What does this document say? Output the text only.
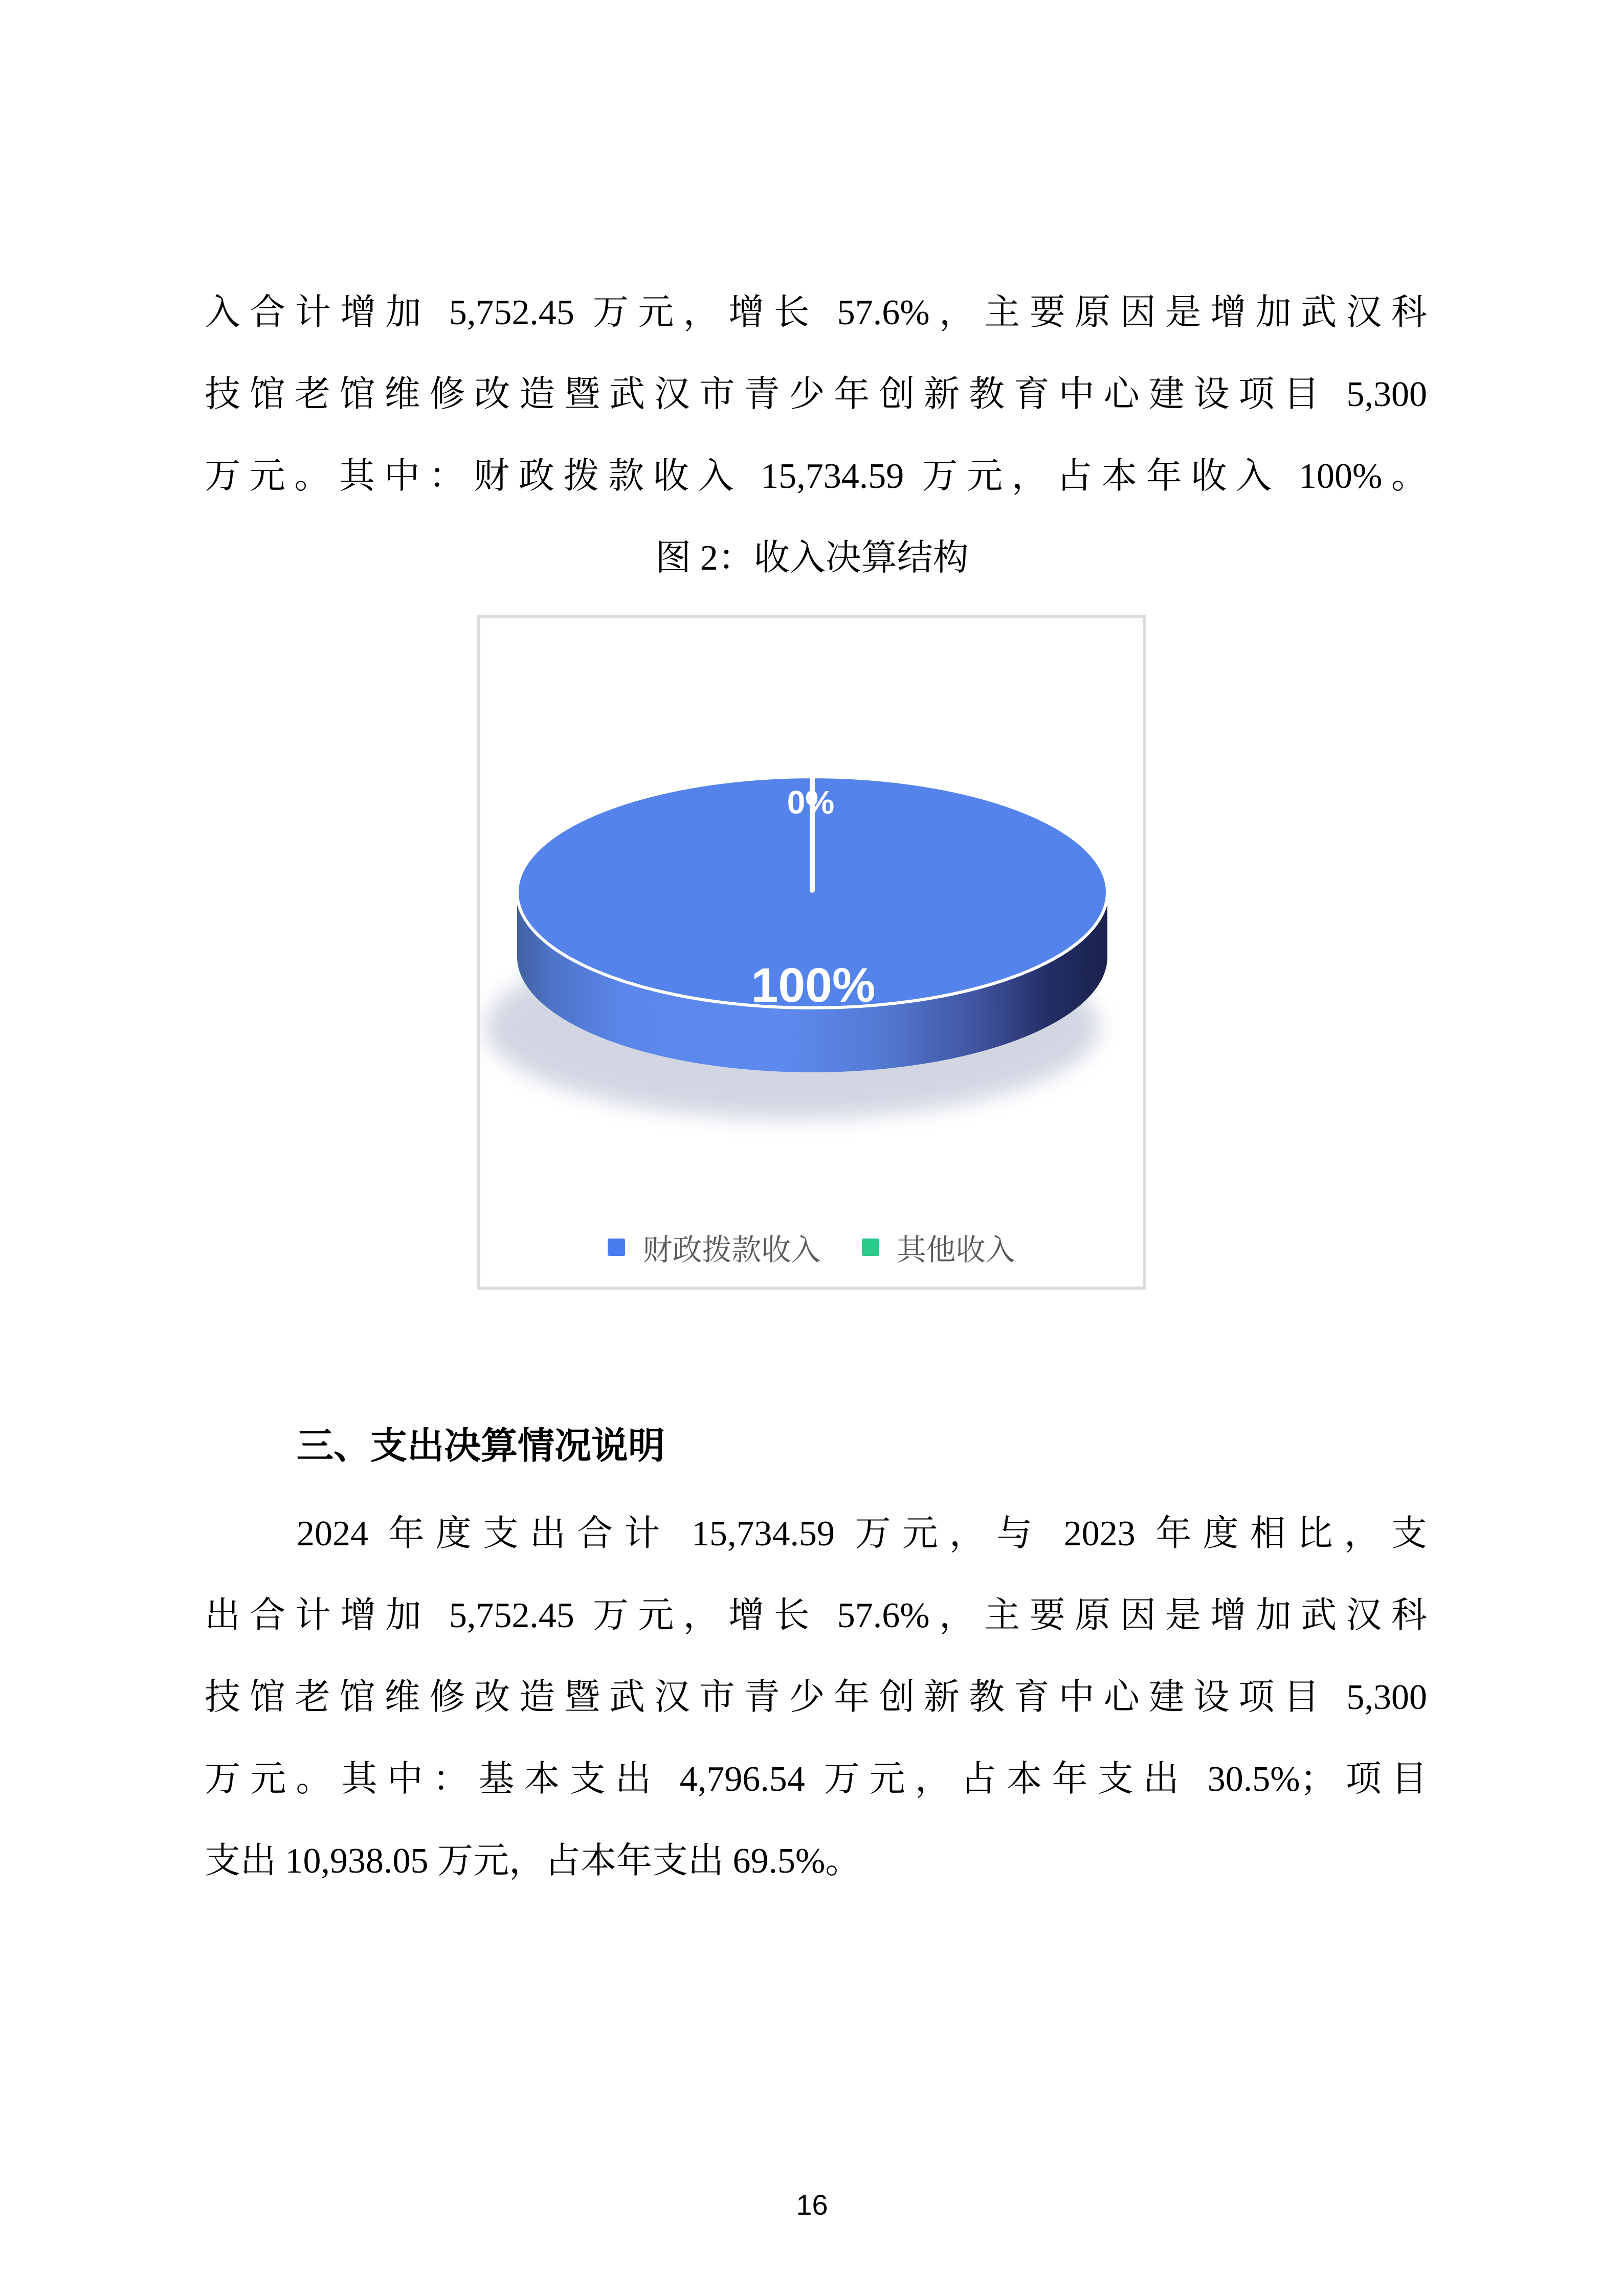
入合计增加 5,752.45 万元，增长 57.6%，主要原因是增加武汉科
技馆老馆维修改造暨武汉市青少年创新教育中心建设项目 5,300
万元。其中：财政拨款收入 15,734.59 万元，占本年收入 100%。
图 2：收入决算结构
0%
100%
财政拨款收入	其他收入
三、支出决算情况说明
2024 年度支出合计 15,734.59 万元，与 2023 年度相比，支
出合计增加 5,752.45 万元，增长 57.6%，主要原因是增加武汉科
技馆老馆维修改造暨武汉市青少年创新教育中心建设项目 5,300
万元。其中：基本支出 4,796.54 万元，占本年支出 30.5%；项目
支出 10,938.05 万元，占本年支出 69.5%。
16
